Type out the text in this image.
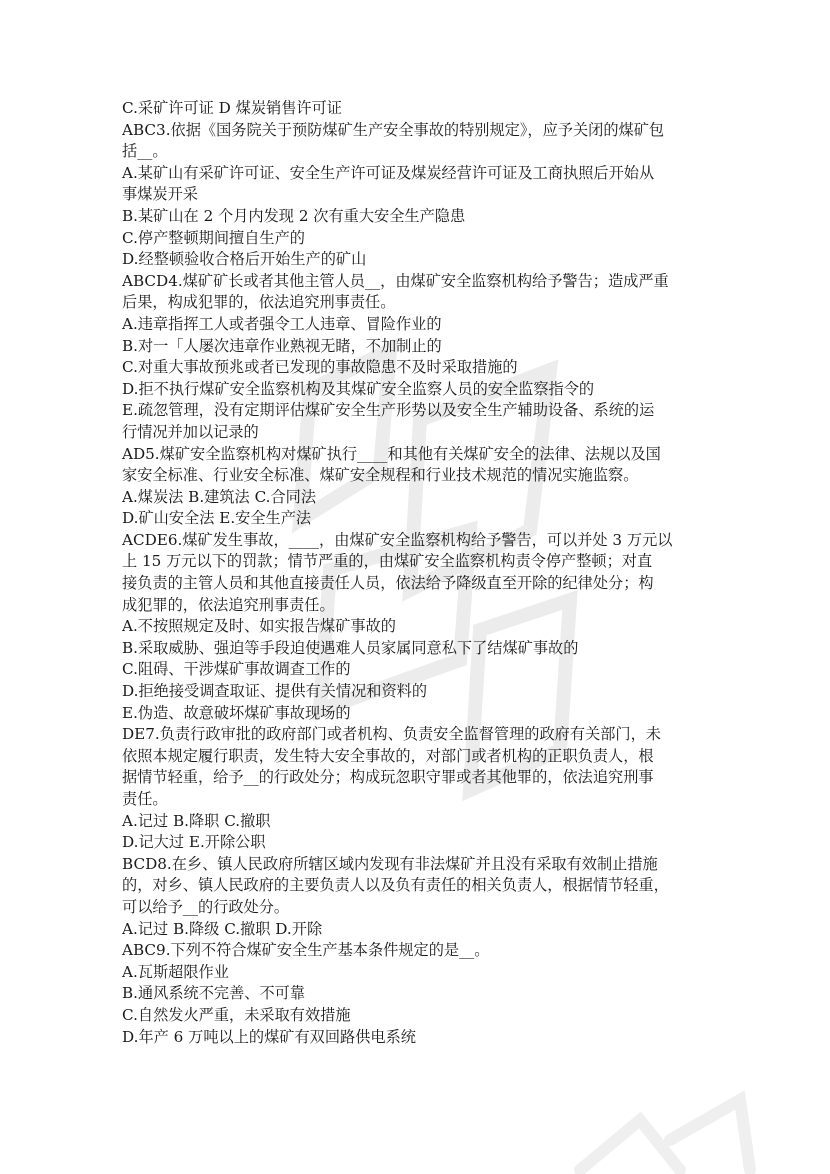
C.采矿许可证 D 煤炭销售许可证
ABC3.依据《国务院关于预防煤矿生产安全事故的特别规定》，应予关闭的煤矿包
括__。
A.某矿山有采矿许可证、安全生产许可证及煤炭经营许可证及工商执照后开始从
事煤炭开采
B.某矿山在 2 个月内发现 2 次有重大安全生产隐患
C.停产整顿期间擅自生产的
D.经整顿验收合格后开始生产的矿山
ABCD4.煤矿矿长或者其他主管人员__，由煤矿安全监察机构给予警告；造成严重
后果，构成犯罪的，依法追究刑事责任。
A.违章指挥工人或者强令工人违章、冒险作业的
B.对一「人屡次违章作业熟视无睹，不加制止的
C.对重大事故预兆或者已发现的事故隐患不及时采取措施的
D.拒不执行煤矿安全监察机构及其煤矿安全监察人员的安全监察指令的
E.疏忽管理，没有定期评估煤矿安全生产形势以及安全生产辅助设备、系统的运
行情况并加以记录的
AD5.煤矿安全监察机构对煤矿执行____和其他有关煤矿安全的法律、法规以及国
家安全标准、行业安全标准、煤矿安全规程和行业技术规范的情况实施监察。
A.煤炭法 B.建筑法 C.合同法
D.矿山安全法 E.安全生产法
ACDE6.煤矿发生事故，____，由煤矿安全监察机构给予警告，可以并处 3 万元以
上 15 万元以下的罚款；情节严重的，由煤矿安全监察机构责令停产整顿；对直
接负责的主管人员和其他直接责任人员，依法给予降级直至开除的纪律处分；构
成犯罪的，依法追究刑事责任。
A.不按照规定及时、如实报告煤矿事故的
B.采取威胁、强迫等手段迫使遇难人员家属同意私下了结煤矿事故的
C.阻碍、干涉煤矿事故调查工作的
D.拒绝接受调查取证、提供有关情况和资料的
E.伪造、故意破坏煤矿事故现场的
DE7.负责行政审批的政府部门或者机构、负责安全监督管理的政府有关部门，未
依照本规定履行职责，发生特大安全事故的，对部门或者机构的正职负责人，根
据情节轻重，给予__的行政处分；构成玩忽职守罪或者其他罪的，依法追究刑事
责任。
A.记过 B.降职 C.撤职
D.记大过 E.开除公职
BCD8.在乡、镇人民政府所辖区域内发现有非法煤矿并且没有采取有效制止措施
的，对乡、镇人民政府的主要负责人以及负有责任的相关负责人，根据情节轻重，
可以给予__的行政处分。
A.记过 B.降级 C.撤职 D.开除
ABC9.下列不符合煤矿安全生产基本条件规定的是__。
A.瓦斯超限作业
B.通风系统不完善、不可靠
C.自然发火严重，未采取有效措施
D.年产 6 万吨以上的煤矿有双回路供电系统
